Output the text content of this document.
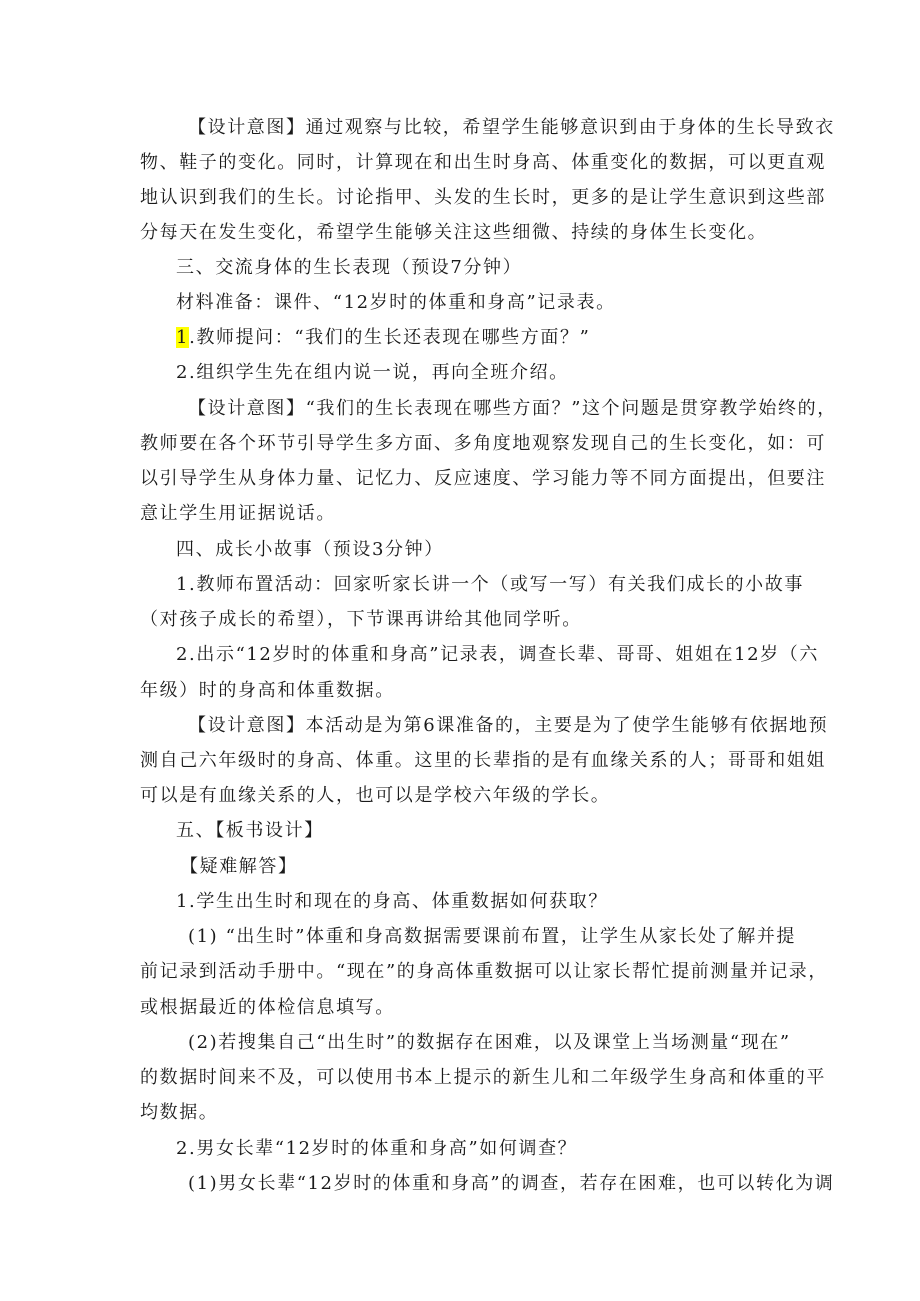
【设计意图】通过观察与比较，希望学生能够意识到由于身体的生长导致衣
物、鞋子的变化。同时，计算现在和出生时身高、体重变化的数据，可以更直观
地认识到我们的生长。讨论指甲、头发的生长时，更多的是让学生意识到这些部
分每天在发生变化，希望学生能够关注这些细微、持续的身体生长变化。
三、交流身体的生长表现（预设7分钟）
材料准备：课件、“12岁时的体重和身高”记录表。
1.教师提问：“我们的生长还表现在哪些方面？”
2.组织学生先在组内说一说，再向全班介绍。
【设计意图】“我们的生长表现在哪些方面？”这个问题是贯穿教学始终的，
教师要在各个环节引导学生多方面、多角度地观察发现自己的生长变化，如：可
以引导学生从身体力量、记忆力、反应速度、学习能力等不同方面提出，但要注
意让学生用证据说话。
四、成长小故事（预设3分钟）
1.教师布置活动：回家听家长讲一个（或写一写）有关我们成长的小故事
（对孩子成长的希望），下节课再讲给其他同学听。
2.出示“12岁时的体重和身高”记录表，调查长辈、哥哥、姐姐在12岁（六
年级）时的身高和体重数据。
【设计意图】本活动是为第6课准备的，主要是为了使学生能够有依据地预
测自己六年级时的身高、体重。这里的长辈指的是有血缘关系的人；哥哥和姐姐
可以是有血缘关系的人，也可以是学校六年级的学长。
五、【板书设计】
【疑难解答】
1.学生出生时和现在的身高、体重数据如何获取？
(1) “出生时”体重和身高数据需要课前布置，让学生从家长处了解并提
前记录到活动手册中。“现在”的身高体重数据可以让家长帮忙提前测量并记录，
或根据最近的体检信息填写。
(2)若搜集自己“出生时”的数据存在困难，以及课堂上当场测量“现在”
的数据时间来不及，可以使用书本上提示的新生儿和二年级学生身高和体重的平
均数据。
2.男女长辈“12岁时的体重和身高”如何调查？
(1)男女长辈“12岁时的体重和身高”的调查，若存在困难，也可以转化为调
